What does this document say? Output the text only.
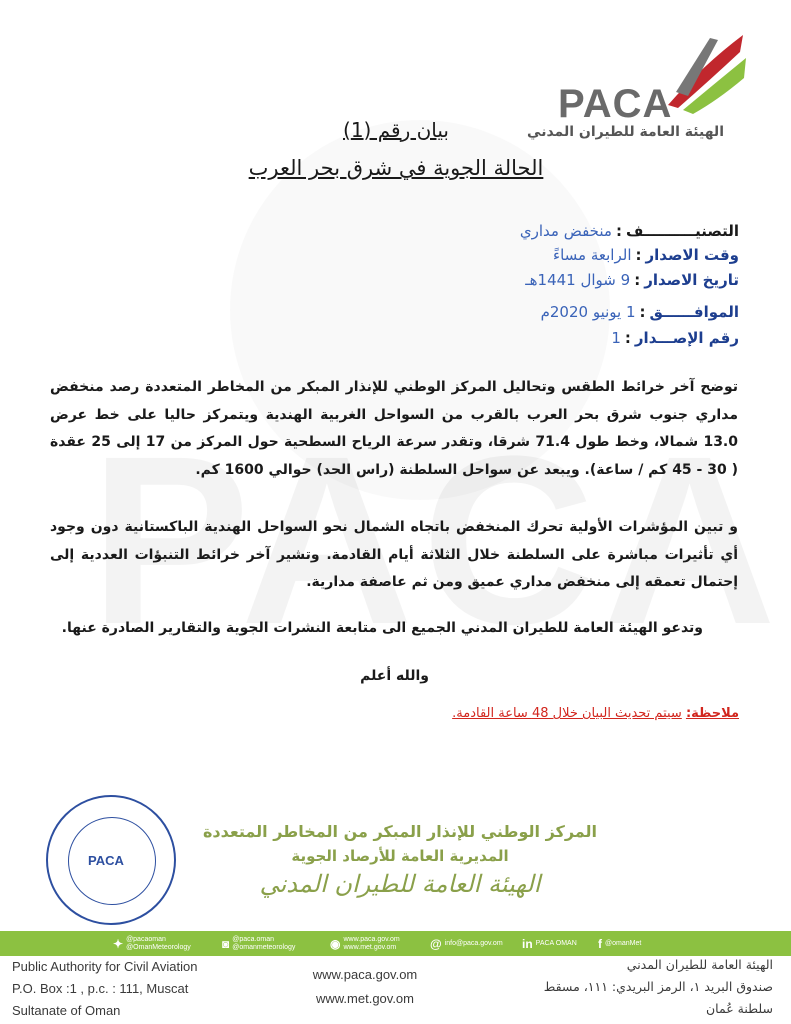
PACA
الهيئة العامة للطيران المدني
بيان رقم (1)
الحالة الجوية في شرق بحر العرب
التصنيــــــــــف:منخفض مداري
وقت الاصدار:الرابعة مساءً
تاريخ الاصدار:9 شوال 1441هـ
الموافــــــق:1 يونيو 2020م
رقم الإصـــدار:1
توضح آخر خرائط الطقس وتحاليل المركز الوطني للإنذار المبكر من المخاطر المتعددة رصد منخفض مداري جنوب شرق بحر العرب بالقرب من السواحل الغربية الهندية ويتمركز حاليا على خط عرض 13.0 شمالا، وخط طول 71.4 شرقا، وتقدر سرعة الرياح السطحية حول المركز من 17 إلى 25 عقدة ( 30 - 45 كم / ساعة). ويبعد عن سواحل السلطنة (راس الحد) حوالي 1600 كم.
و تبين المؤشرات الأولية تحرك المنخفض باتجاه الشمال نحو السواحل الهندية الباكستانية دون وجود أي تأثيرات مباشرة على السلطنة خلال الثلاثة أيام القادمة. وتشير آخر خرائط التنبؤات العددية إلى إحتمال تعمقه إلى منخفض مداري عميق ومن ثم عاصفة مدارية.
وتدعو الهيئة العامة للطيران المدني الجميع الى متابعة النشرات الجوية والتقارير الصادرة عنها.
والله أعلم
ملاحظة: سيتم تحديث البيان خلال 48 ساعة القادمة.
PACA
المركز الوطني للإنذار المبكر من المخاطر المتعددة
المديرية العامة للأرصاد الجوية
الهيئة العامة للطيران المدني
✦ @pacaoman
@OmanMeteorology	◙ @paca.oman
@omanmeteorology	◉ www.paca.gov.om
www.met.gov.om	@ info@paca.gov.om in PACA OMAN f @omanMet
Public Authority for Civil Aviation
P.O. Box :1 , p.c. : 111, Muscat
Sultanate of Oman
www.paca.gov.om
www.met.gov.om
الهيئة العامة للطيران المدني
صندوق البريد ١، الرمز البريدي: ١١١، مسقط
سلطنة عُمان
